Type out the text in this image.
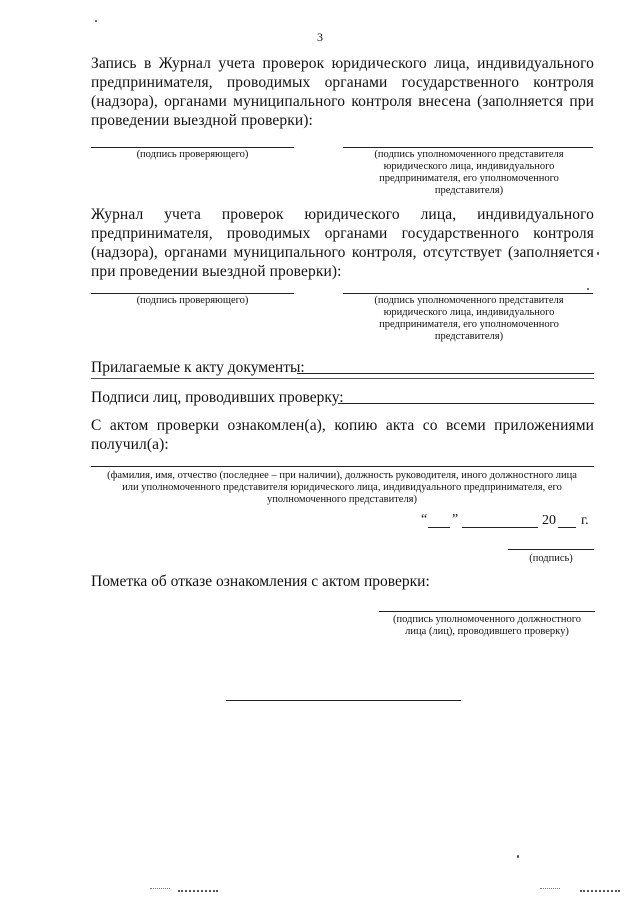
3
Запись в Журнал учета проверок юридического лица, индивидуального предпринимателя, проводимых органами государственного контроля (надзора), органами муниципального контроля внесена (заполняется при проведении выездной проверки):
(подпись проверяющего)	(подпись уполномоченного представителя юридического лица, индивидуального предпринимателя, его уполномоченного представителя)
Журнал учета проверок юридического лица, индивидуального предпринимателя, проводимых органами государственного контроля (надзора), органами муниципального контроля, отсутствует (заполняется при проведении выездной проверки):
(подпись проверяющего)	(подпись уполномоченного представителя юридического лица, индивидуального предпринимателя, его уполномоченного представителя)
Прилагаемые к акту документы:
Подписи лиц, проводивших проверку:
С актом проверки ознакомлен(а), копию акта со всеми приложениями получил(а):
(фамилия, имя, отчество (последнее – при наличии), должность руководителя, иного должностного лица или уполномоченного представителя юридического лица, индивидуального предпринимателя, его уполномоченного представителя)
“ ”	20 г.
(подпись)
Пометка об отказе ознакомления с актом проверки:
(подпись уполномоченного должностного лица (лиц), проводившего проверку)
